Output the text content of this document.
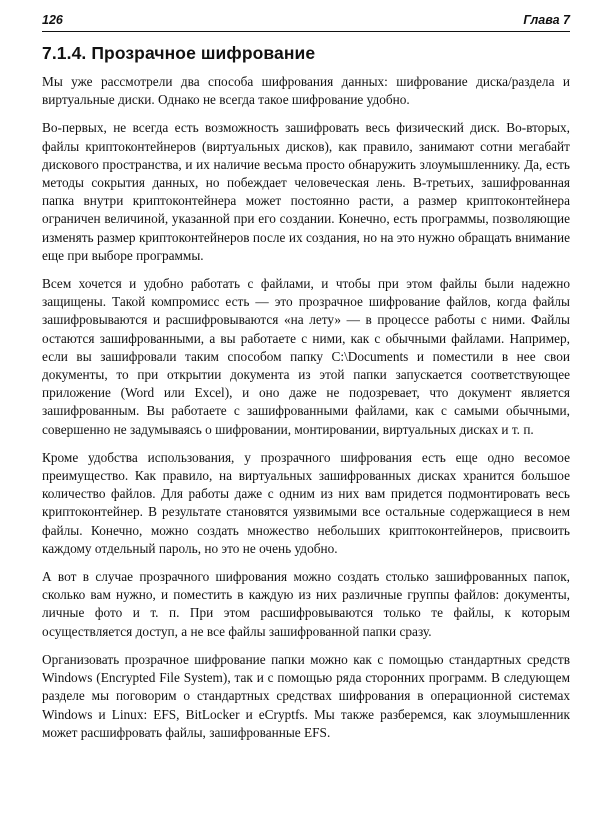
126	Глава 7
7.1.4. Прозрачное шифрование

Мы уже рассмотрели два способа шифрования данных: шифрование диска/раздела и виртуальные диски. Однако не всегда такое шифрование удобно.

Во-первых, не всегда есть возможность зашифровать весь физический диск. Во-вторых, файлы криптоконтейнеров (виртуальных дисков), как правило, занимают сотни мегабайт дискового пространства, и их наличие весьма просто обнаружить злоумышленнику. Да, есть методы сокрытия данных, но побеждает человеческая лень. В-третьих, зашифрованная папка внутри криптоконтейнера может постоянно расти, а размер криптоконтейнера ограничен величиной, указанной при его создании. Конечно, есть программы, позволяющие изменять размер криптоконтейнеров после их создания, но на это нужно обращать внимание еще при выборе программы.

Всем хочется и удобно работать с файлами, и чтобы при этом файлы были надежно защищены. Такой компромисс есть — это прозрачное шифрование файлов, когда файлы зашифровываются и расшифровываются «на лету» — в процессе работы с ними. Файлы остаются зашифрованными, а вы работаете с ними, как с обычными файлами. Например, если вы зашифровали таким способом папку C:\Documents и поместили в нее свои документы, то при открытии документа из этой папки запускается соответствующее приложение (Word или Excel), и оно даже не подозревает, что документ является зашифрованным. Вы работаете с зашифрованными файлами, как с самыми обычными, совершенно не задумываясь о шифровании, монтировании, виртуальных дисках и т. п.

Кроме удобства использования, у прозрачного шифрования есть еще одно весомое преимущество. Как правило, на виртуальных зашифрованных дисках хранится большое количество файлов. Для работы даже с одним из них вам придется подмонтировать весь криптоконтейнер. В результате становятся уязвимыми все остальные содержащиеся в нем файлы. Конечно, можно создать множество небольших криптоконтейнеров, присвоить каждому отдельный пароль, но это не очень удобно.

А вот в случае прозрачного шифрования можно создать столько зашифрованных папок, сколько вам нужно, и поместить в каждую из них различные группы файлов: документы, личные фото и т. п. При этом расшифровываются только те файлы, к которым осуществляется доступ, а не все файлы зашифрованной папки сразу.

Организовать прозрачное шифрование папки можно как с помощью стандартных средств Windows (Encrypted File System), так и с помощью ряда сторонних программ. В следующем разделе мы поговорим о стандартных средствах шифрования в операционной системах Windows и Linux: EFS, BitLocker и eCryptfs. Мы также разберемся, как злоумышленник может расшифровать файлы, зашифрованные EFS.
